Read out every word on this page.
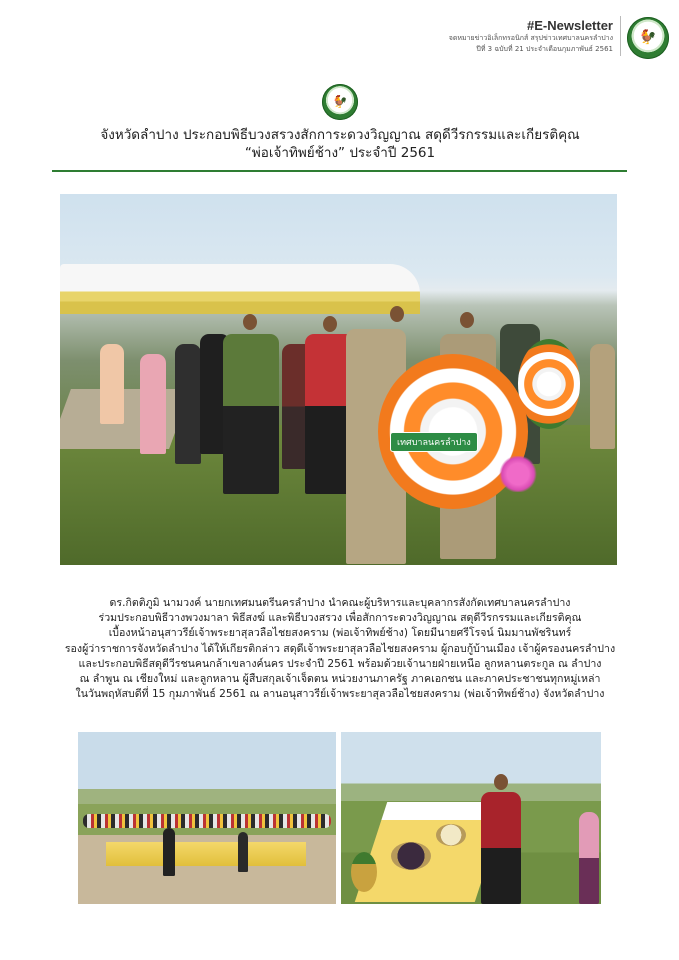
#E-Newsletter
จดหมายข่าวอิเล็กทรอนิกส์ สรุปข่าวเทศบาลนครลำปาง
ปีที่ 3 ฉบับที่ 21 ประจำเดือนกุมภาพันธ์ 2561
🐓
🐓
จังหวัดลำปาง ประกอบพิธีบวงสรวงสักการะดวงวิญญาณ สดุดีวีรกรรมและเกียรติคุณ
“พ่อเจ้าทิพย์ช้าง” ประจำปี 2561
เทศบาลนครลำปาง
ดร.กิตติภูมิ นามวงค์ นายกเทศมนตรีนครลำปาง นำคณะผู้บริหารและบุคลากรสังกัดเทศบาลนครลำปาง
ร่วมประกอบพิธีวางพวงมาลา พิธีสงฆ์ และพิธีบวงสรวง เพื่อสักการะดวงวิญญาณ สดุดีวีรกรรมและเกียรติคุณ
เบื้องหน้าอนุสาวรีย์เจ้าพระยาสุลวลือไชยสงคราม (พ่อเจ้าทิพย์ช้าง) โดยมีนายศรีโรจน์ นิมมานพัชรินทร์
รองผู้ว่าราชการจังหวัดลำปาง ได้ให้เกียรติกล่าว สดุดีเจ้าพระยาสุลวลือไชยสงคราม ผู้กอบกู้บ้านเมือง เจ้าผู้ครองนครลำปาง
และประกอบพิธีสดุดีวีรชนคนกล้าเขลางค์นคร ประจำปี 2561 พร้อมด้วยเจ้านายฝ่ายเหนือ ลูกหลานตระกูล ณ ลำปาง
ณ ลำพูน ณ เชียงใหม่ และลูกหลาน ผู้สืบสกุลเจ้าเจ็ดตน หน่วยงานภาครัฐ ภาคเอกชน และภาคประชาชนทุกหมู่เหล่า
ในวันพฤหัสบดีที่ 15 กุมภาพันธ์ 2561 ณ ลานอนุสาวรีย์เจ้าพระยาสุลวลือไชยสงคราม (พ่อเจ้าทิพย์ช้าง) จังหวัดลำปาง
